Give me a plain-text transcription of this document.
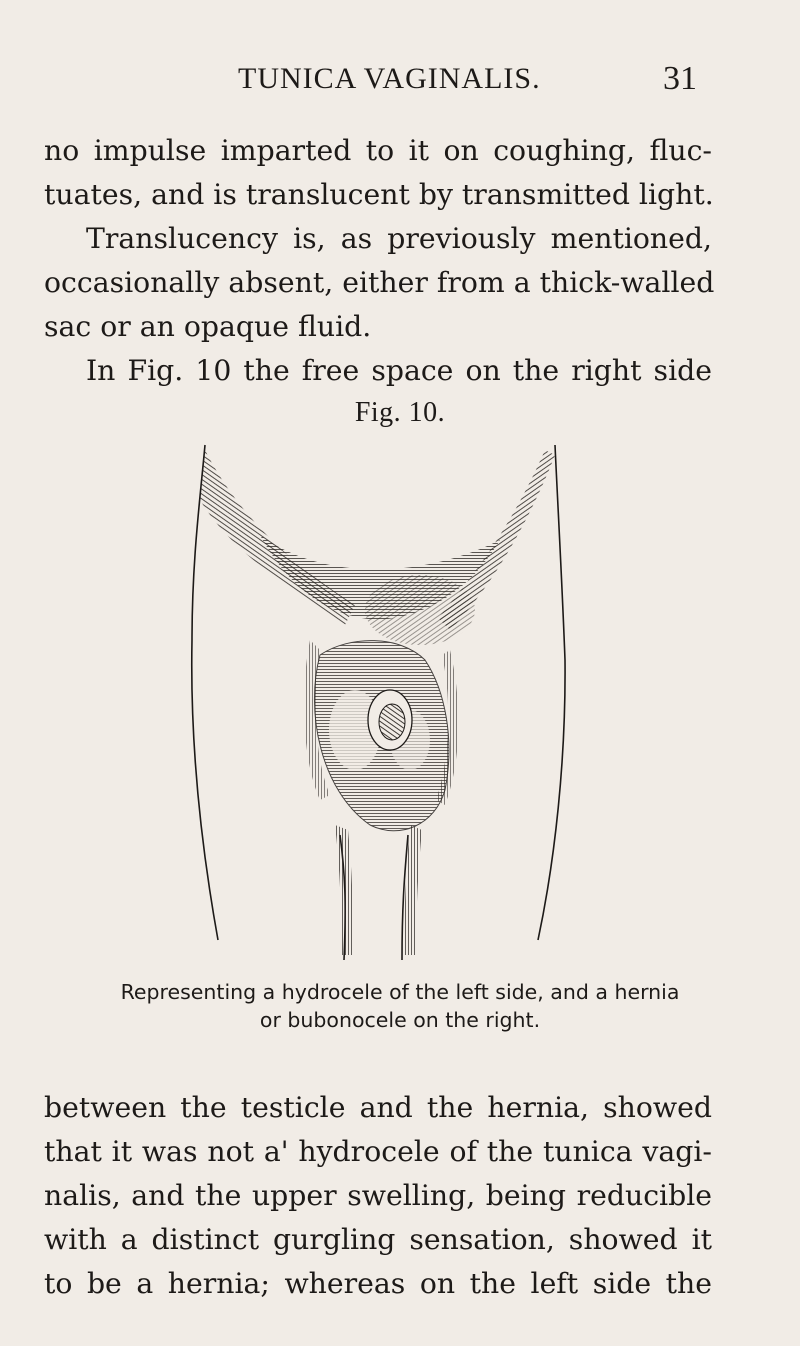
TUNICA VAGINALIS.	31
no impulse imparted to it on coughing, fluc-
tuates, and is translucent by transmitted light.
Translucency is, as previously mentioned,
occasionally absent, either from a thick-walled
sac or an opaque fluid.
In Fig. 10 the free space on the right side
Fig. 10.
Representing a hydrocele of the left side, and a hernia
or bubonocele on the right.
between the testicle and the hernia, showed
that it was not a' hydrocele of the tunica vagi-
nalis, and the upper swelling, being reducible
with a distinct gurgling sensation, showed it
to be a hernia; whereas on the left side the
